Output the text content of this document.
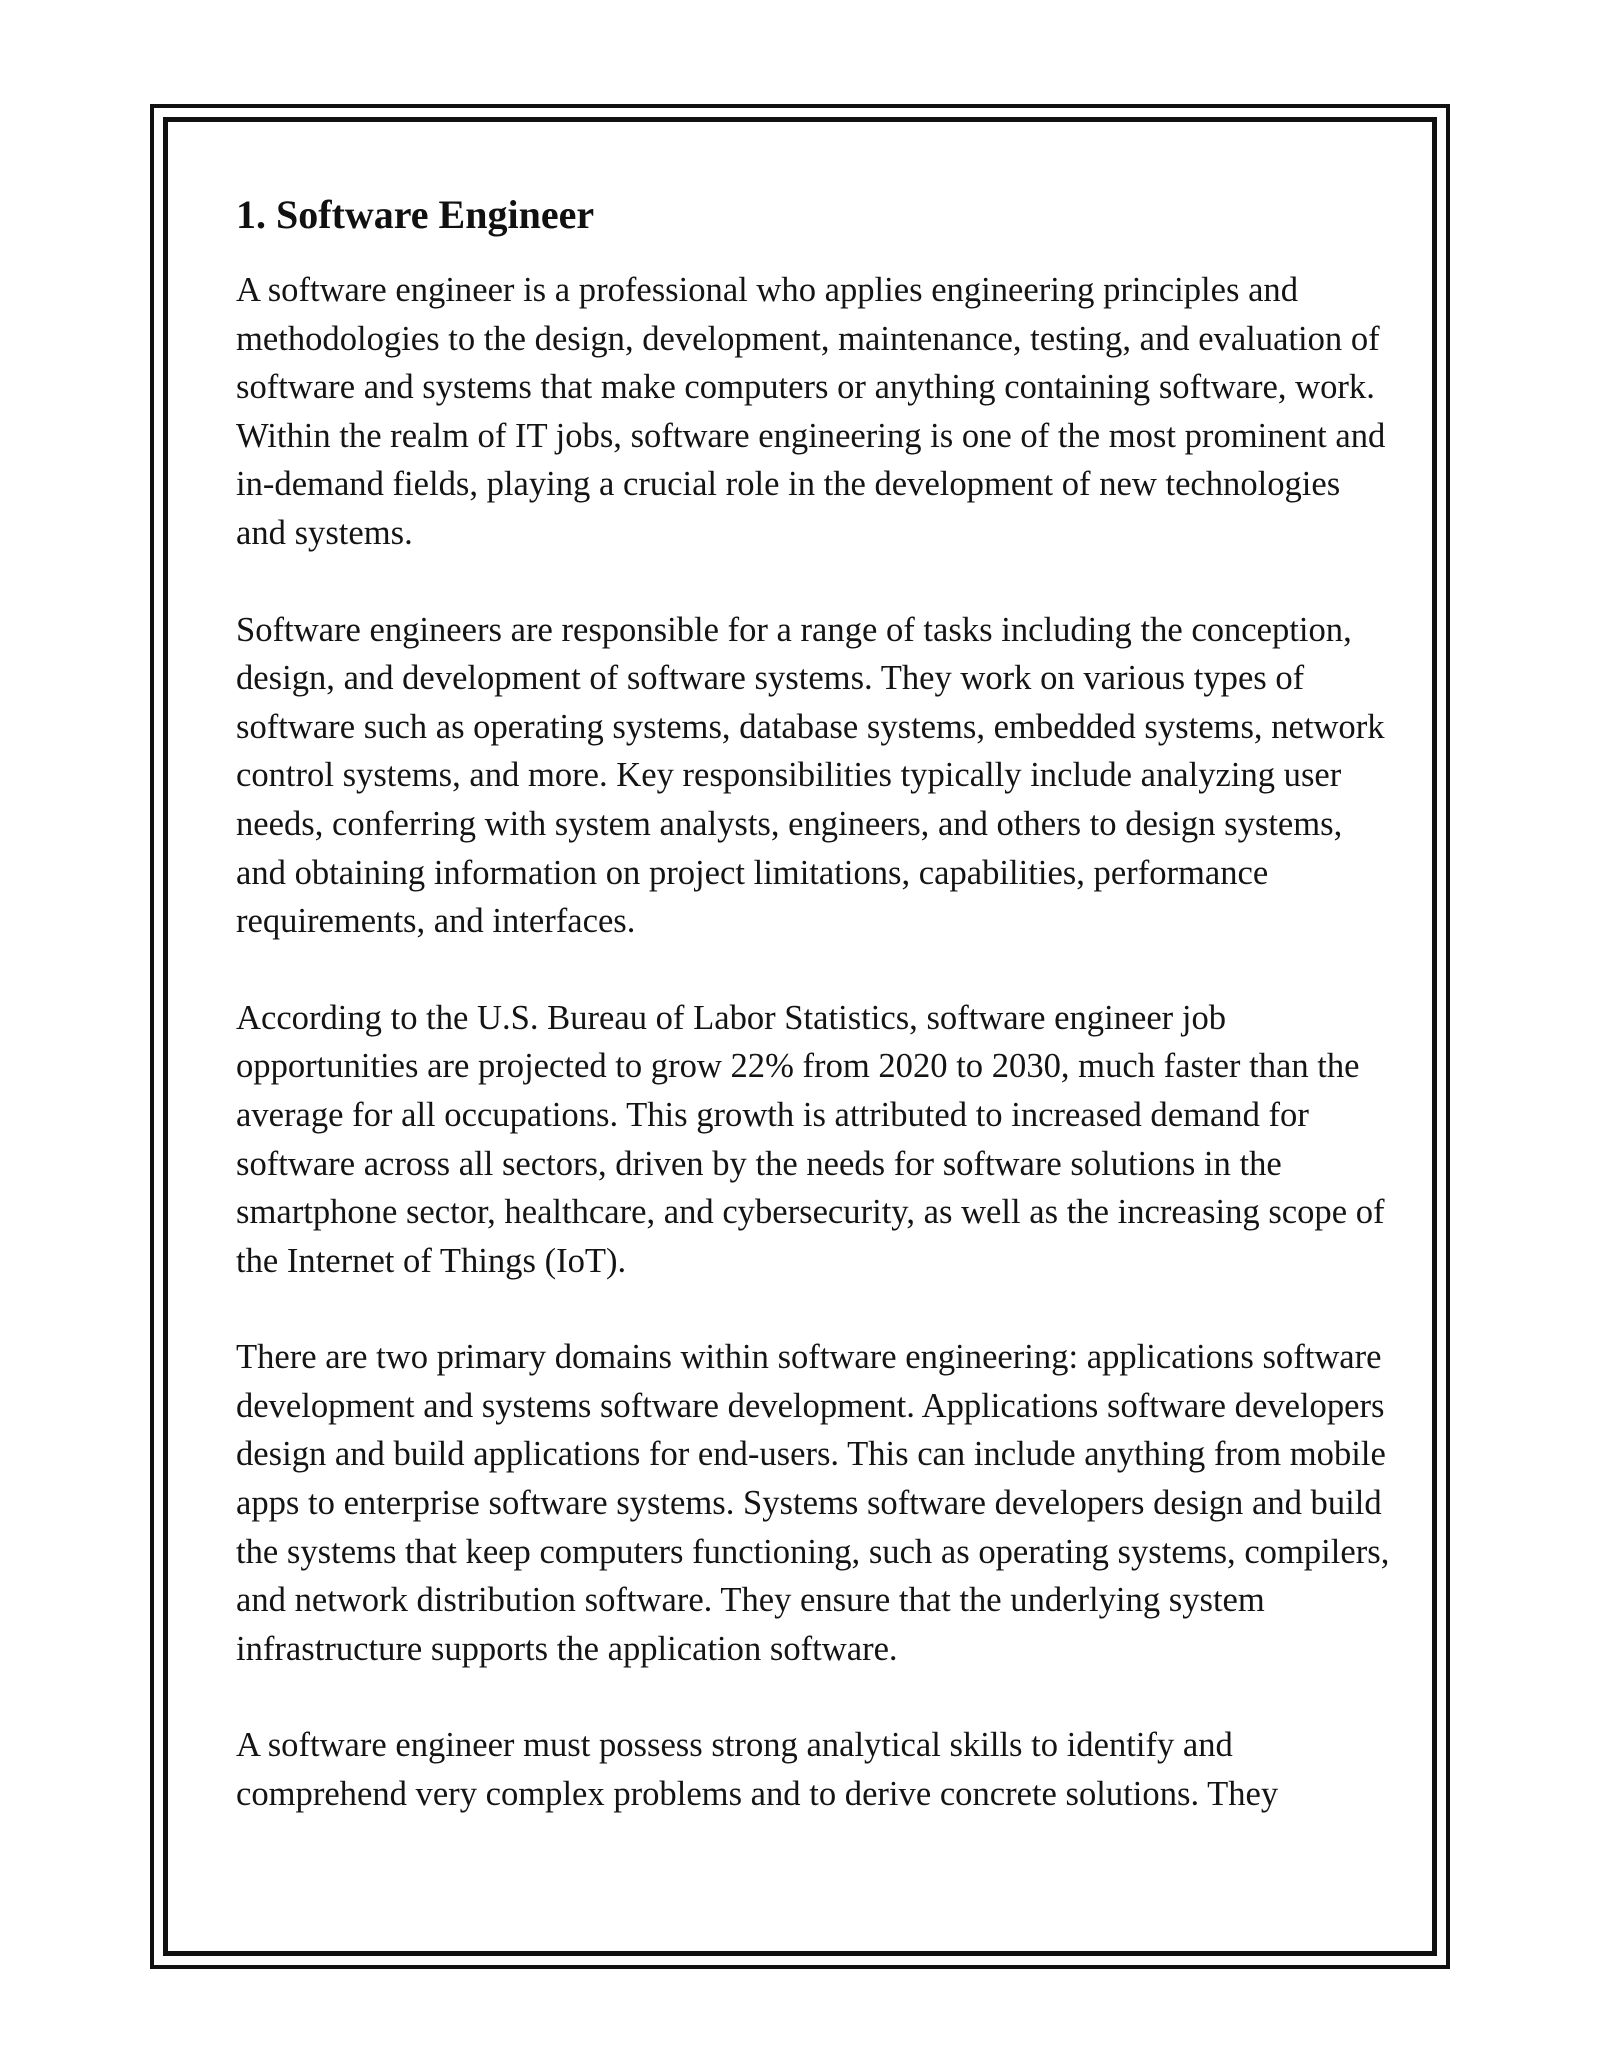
1. Software Engineer

A software engineer is a professional who applies engineering principles and methodologies to the design, development, maintenance, testing, and evaluation of software and systems that make computers or anything containing software, work. Within the realm of IT jobs, software engineering is one of the most prominent and in-demand fields, playing a crucial role in the development of new technologies and systems.

Software engineers are responsible for a range of tasks including the conception, design, and development of software systems. They work on various types of software such as operating systems, database systems, embedded systems, network control systems, and more. Key responsibilities typically include analyzing user needs, conferring with system analysts, engineers, and others to design systems, and obtaining information on project limitations, capabilities, performance requirements, and interfaces.

According to the U.S. Bureau of Labor Statistics, software engineer job opportunities are projected to grow 22% from 2020 to 2030, much faster than the average for all occupations. This growth is attributed to increased demand for software across all sectors, driven by the needs for software solutions in the smartphone sector, healthcare, and cybersecurity, as well as the increasing scope of the Internet of Things (IoT).

There are two primary domains within software engineering: applications software development and systems software development. Applications software developers design and build applications for end-users. This can include anything from mobile apps to enterprise software systems. Systems software developers design and build the systems that keep computers functioning, such as operating systems, compilers, and network distribution software. They ensure that the underlying system infrastructure supports the application software.

A software engineer must possess strong analytical skills to identify and comprehend very complex problems and to derive concrete solutions. They
